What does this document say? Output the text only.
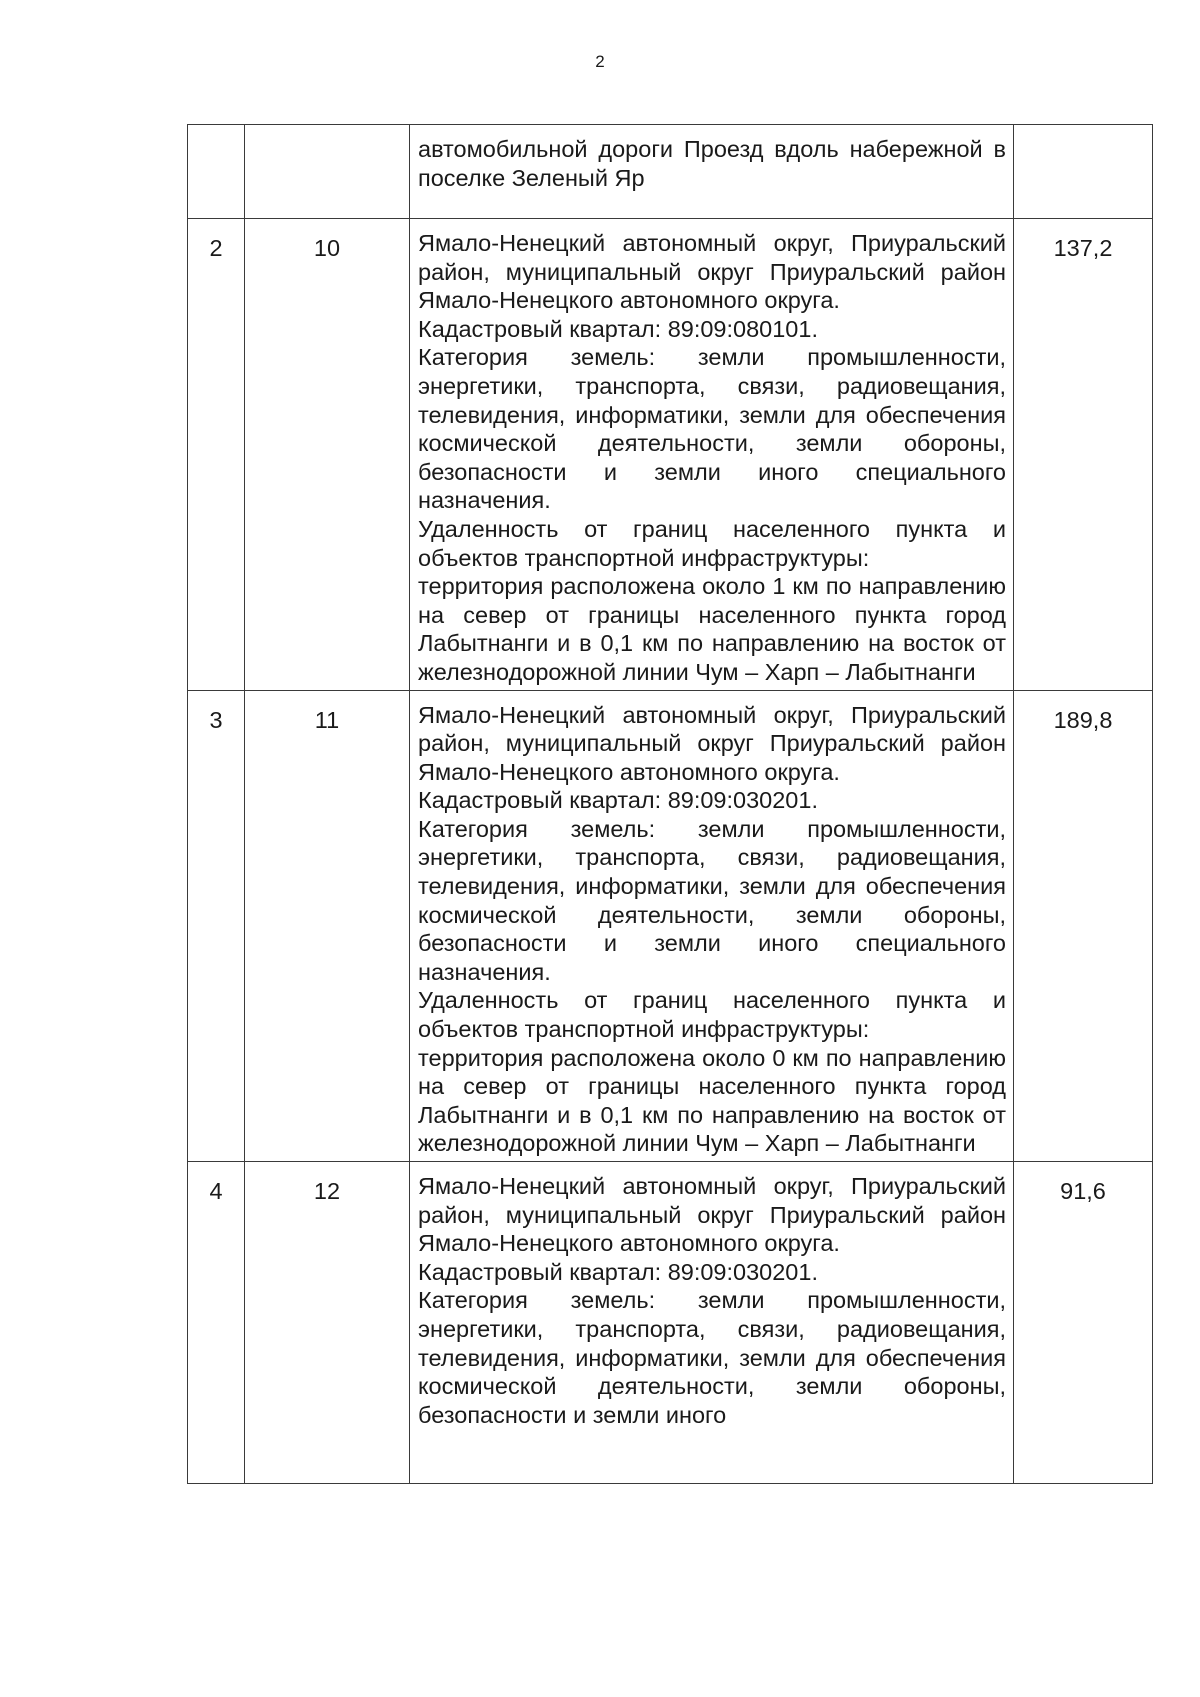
2

		автомобильной дороги Проезд вдоль набережной в поселке Зеленый Яр	

2	10	Ямало-Ненецкий автономный округ, Приуральский район, муниципальный округ Приуральский район Ямало-Ненецкого автономного округа.
Кадастровый квартал: 89:09:080101.
Категория земель: земли промышленности, энергетики, транспорта, связи, радиовещания, телевидения, информатики, земли для обеспечения космической деятельности, земли обороны, безопасности и земли иного специального назначения.
Удаленность от границ населенного пункта и объектов транспортной инфраструктуры:
территория расположена около 1 км по направлению на север от границы населенного пункта город Лабытнанги и в 0,1 км по направлению на восток от железнодорожной линии Чум – Харп – Лабытнанги	137,2
3	11	Ямало-Ненецкий автономный округ, Приуральский район, муниципальный округ Приуральский район Ямало-Ненецкого автономного округа.
Кадастровый квартал: 89:09:030201.
Категория земель: земли промышленности, энергетики, транспорта, связи, радиовещания, телевидения, информатики, земли для обеспечения космической деятельности, земли обороны, безопасности и земли иного специального назначения.
Удаленность от границ населенного пункта и объектов транспортной инфраструктуры:
территория расположена около 0 км по направлению на север от границы населенного пункта город Лабытнанги и в 0,1 км по направлению на восток от железнодорожной линии Чум – Харп – Лабытнанги	189,8
4	12	Ямало-Ненецкий автономный округ, Приуральский район, муниципальный округ Приуральский район Ямало-Ненецкого автономного округа.
Кадастровый квартал: 89:09:030201.
Категория земель: земли промышленности, энергетики, транспорта, связи, радиовещания, телевидения, информатики, земли для обеспечения космической деятельности, земли обороны, безопасности и земли иного	91,6
